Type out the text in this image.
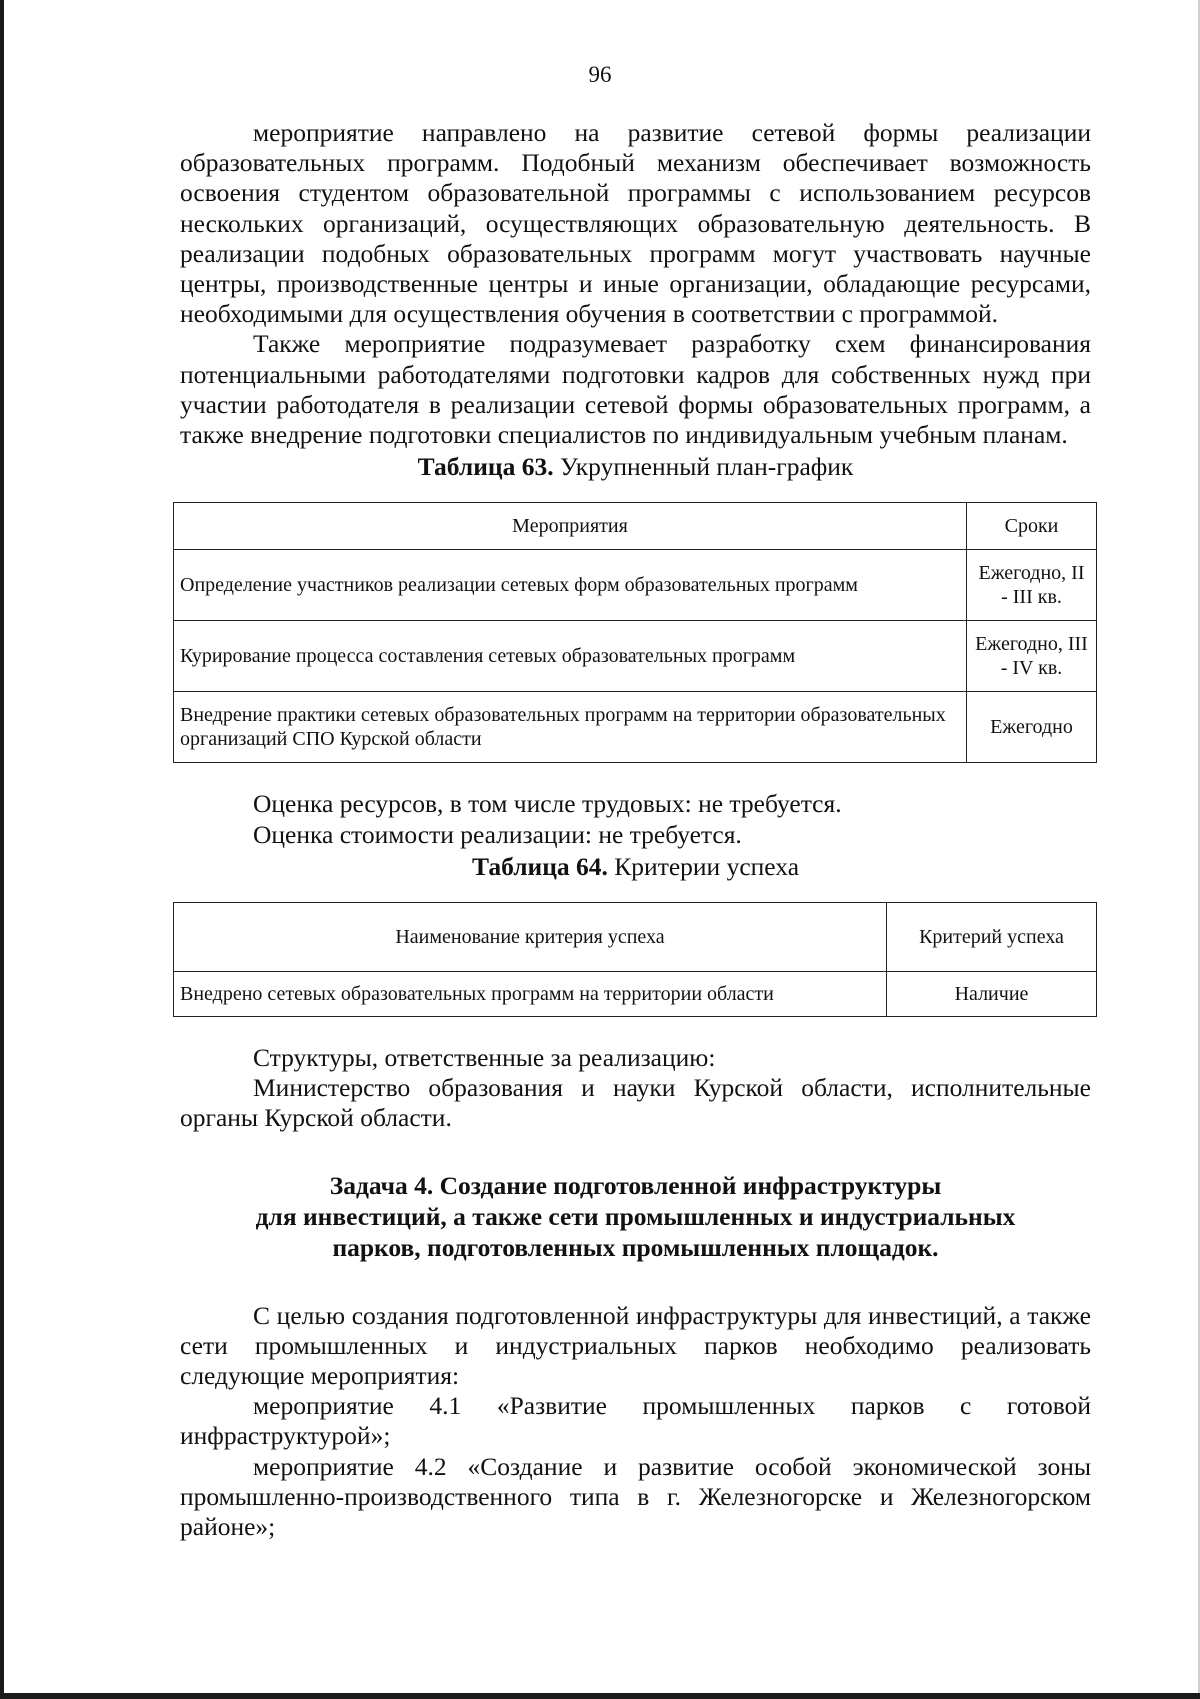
96

мероприятие направлено на развитие сетевой формы реализации образовательных программ. Подобный механизм обеспечивает возможность освоения студентом образовательной программы с использованием ресурсов нескольких организаций, осуществляющих образовательную деятельность. В реализации подобных образовательных программ могут участвовать научные центры, производственные центры и иные организации, обладающие ресурсами, необходимыми для осуществления обучения в соответствии с программой.

Также мероприятие подразумевает разработку схем финансирования потенциальными работодателями подготовки кадров для собственных нужд при участии работодателя в реализации сетевой формы образовательных программ, а также внедрение подготовки специалистов по индивидуальным учебным планам.

Таблица 63. Укрупненный план-график
Мероприятия	Сроки
Определение участников реализации сетевых форм образовательных программ	Ежегодно, II - III кв.
Курирование процесса составления сетевых образовательных программ	Ежегодно, III - IV кв.
Внедрение практики сетевых образовательных программ на территории образовательных организаций СПО Курской области	Ежегодно

Оценка ресурсов, в том числе трудовых: не требуется.

Оценка стоимости реализации: не требуется.

Таблица 64. Критерии успеха
Наименование критерия успеха	Критерий успеха
Внедрено сетевых образовательных программ на территории области	Наличие

Структуры, ответственные за реализацию:

Министерство образования и науки Курской области, исполнительные органы Курской области.

Задача 4. Создание подготовленной инфраструктуры
для инвестиций, а также сети промышленных и индустриальных
парков, подготовленных промышленных площадок.

С целью создания подготовленной инфраструктуры для инвестиций, а также сети промышленных и индустриальных парков необходимо реализовать следующие мероприятия:

мероприятие 4.1 «Развитие промышленных парков с готовой инфраструктурой»;

мероприятие 4.2 «Создание и развитие особой экономической зоны промышленно-производственного типа в г. Железногорске и Железногорском районе»;
